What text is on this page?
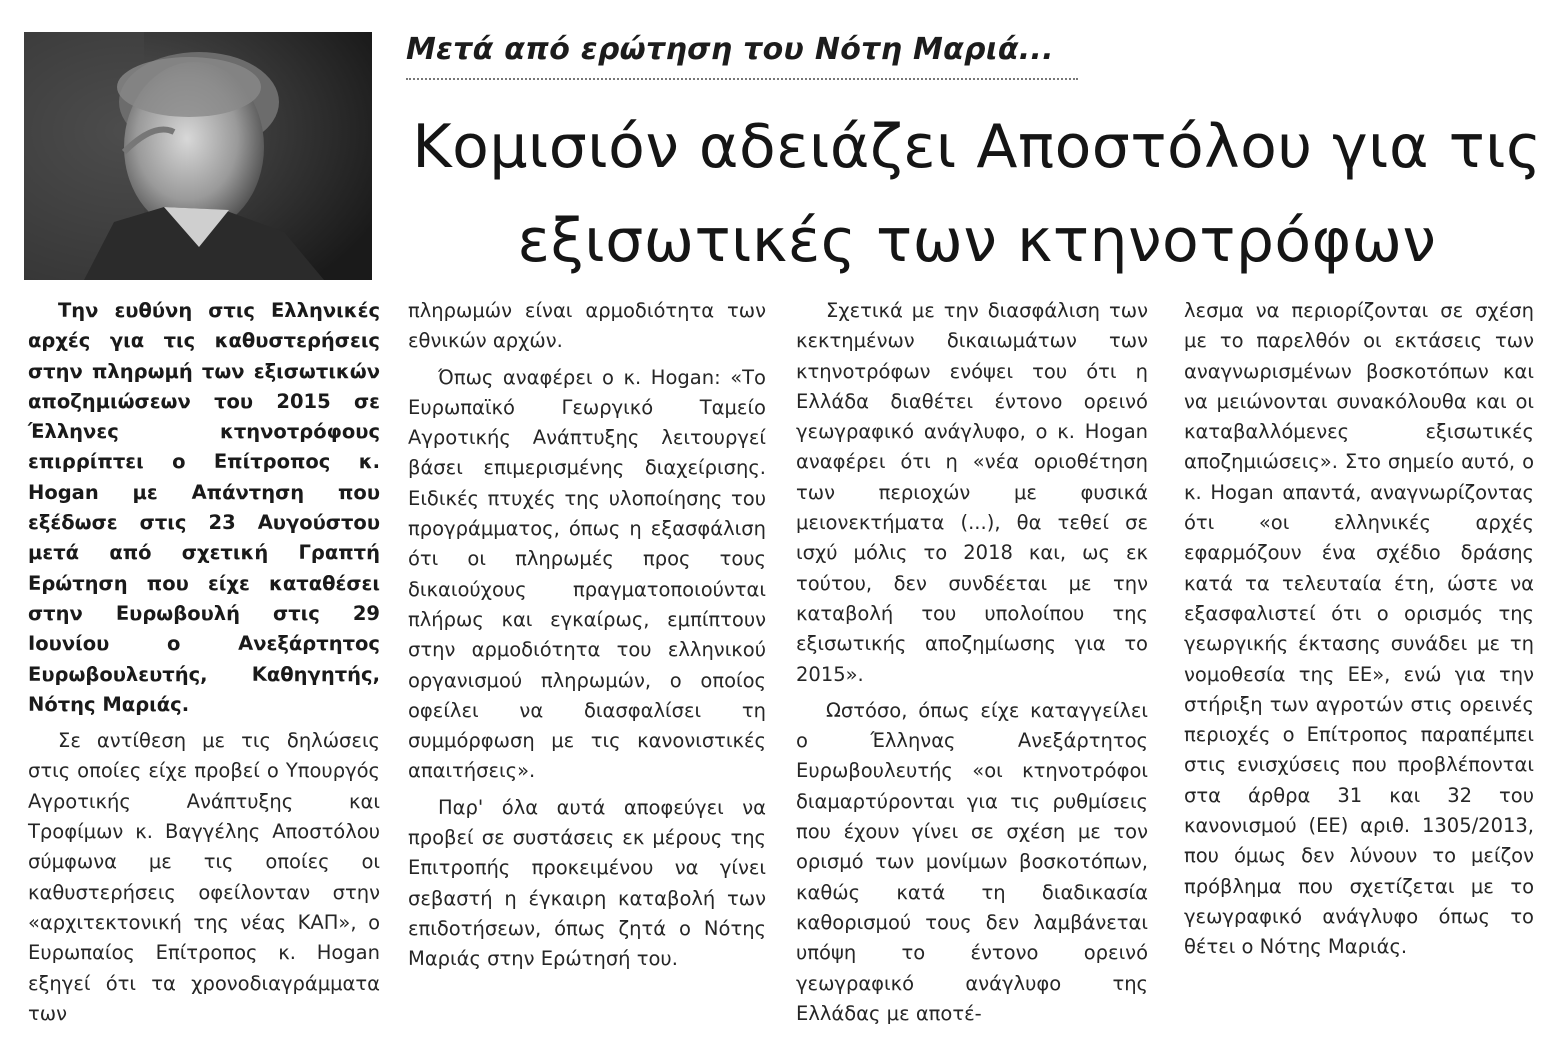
Μετά από ερώτηση του Νότη Μαριά...
Κομισιόν αδειάζει Αποστόλου για τις εξισωτικές των κτηνοτρόφων

Την ευθύνη στις Ελληνικές αρχές για τις καθυστερήσεις στην πληρωμή των εξισωτικών αποζημιώσεων του 2015 σε Έλληνες κτηνοτρόφους επιρρίπτει ο Επίτροπος κ. Hogan με Απάντηση που εξέδωσε στις 23 Αυγούστου μετά από σχετική Γραπτή Ερώτηση που είχε καταθέσει στην Ευρωβουλή στις 29 Ιουνίου ο Ανεξάρτητος Ευρωβουλευτής, Καθηγητής, Νότης Μαριάς.

Σε αντίθεση με τις δηλώσεις στις οποίες είχε προβεί ο Υπουργός Αγροτικής Ανάπτυξης και Τροφίμων κ. Βαγγέλης Αποστόλου σύμφωνα με τις οποίες οι καθυστερήσεις οφείλονταν στην «αρχιτεκτονική της νέας ΚΑΠ», ο Ευρωπαίος Επίτροπος κ. Hogan εξηγεί ότι τα χρονοδιαγράμματα των

πληρωμών είναι αρμοδιότητα των εθνικών αρχών.

Όπως αναφέρει ο κ. Hogan: «Το Ευρωπαϊκό Γεωργικό Ταμείο Αγροτικής Ανάπτυξης λειτουργεί βάσει επιμερισμένης διαχείρισης. Ειδικές πτυχές της υλοποίησης του προγράμματος, όπως η εξασφάλιση ότι οι πληρωμές προς τους δικαιούχους πραγματοποιούνται πλήρως και εγκαίρως, εμπίπτουν στην αρμοδιότητα του ελληνικού οργανισμού πληρωμών, ο οποίος οφείλει να διασφαλίσει τη συμμόρφωση με τις κανονιστικές απαιτήσεις».

Παρ' όλα αυτά αποφεύγει να προβεί σε συστάσεις εκ μέρους της Επιτροπής προκειμένου να γίνει σεβαστή η έγκαιρη καταβολή των επιδοτήσεων, όπως ζητά ο Νότης Μαριάς στην Ερώτησή του.

Σχετικά με την διασφάλιση των κεκτημένων δικαιωμάτων των κτηνοτρόφων ενόψει του ότι η Ελλάδα διαθέτει έντονο ορεινό γεωγραφικό ανάγλυφο, ο κ. Hogan αναφέρει ότι η «νέα οριοθέτηση των περιοχών με φυσικά μειονεκτήματα (...), θα τεθεί σε ισχύ μόλις το 2018 και, ως εκ τούτου, δεν συνδέεται με την καταβολή του υπολοίπου της εξισωτικής αποζημίωσης για το 2015».

Ωστόσο, όπως είχε καταγγείλει ο Έλληνας Ανεξάρτητος Ευρωβουλευτής «οι κτηνοτρόφοι διαμαρτύρονται για τις ρυθμίσεις που έχουν γίνει σε σχέση με τον ορισμό των μονίμων βοσκοτόπων, καθώς κατά τη διαδικασία καθορισμού τους δεν λαμβάνεται υπόψη το έντονο ορεινό γεωγραφικό ανάγλυφο της Ελλάδας με αποτέ-

λεσμα να περιορίζονται σε σχέση με το παρελθόν οι εκτάσεις των αναγνωρισμένων βοσκοτόπων και να μειώνονται συνακόλουθα και οι καταβαλλόμενες εξισωτικές αποζημιώσεις». Στο σημείο αυτό, ο κ. Hogan απαντά, αναγνωρίζοντας ότι «οι ελληνικές αρχές εφαρμόζουν ένα σχέδιο δράσης κατά τα τελευταία έτη, ώστε να εξασφαλιστεί ότι ο ορισμός της γεωργικής έκτασης συνάδει με τη νομοθεσία της ΕΕ», ενώ για την στήριξη των αγροτών στις ορεινές περιοχές ο Επίτροπος παραπέμπει στις ενισχύσεις που προβλέπονται στα άρθρα 31 και 32 του κανονισμού (ΕΕ) αριθ. 1305/2013, που όμως δεν λύνουν το μείζον πρόβλημα που σχετίζεται με το γεωγραφικό ανάγλυφο όπως το θέτει ο Νότης Μαριάς.
